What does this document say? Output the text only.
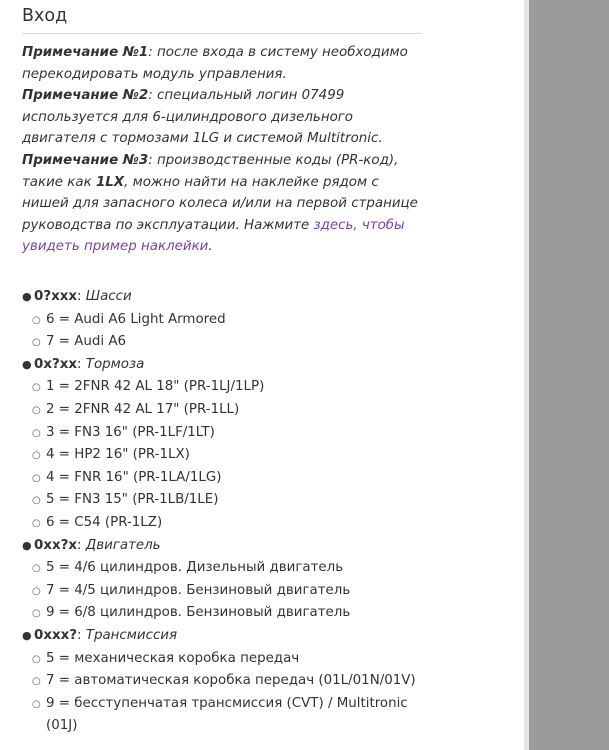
Вход

Примечание №1: после входа в систему необходимо перекодировать модуль управления.

Примечание №2: специальный логин 07499 используется для 6-цилиндрового дизельного двигателя с тормозами 1LG и системой Multitronic.

Примечание №3: производственные коды (PR-код), такие как 1LX, можно найти на наклейке рядом с нишей для запасного колеса и/или на первой странице руководства по эксплуатации. Нажмите здесь, чтобы увидеть пример наклейки.

● 0?xxx: Шасси
○ 6 = Audi A6 Light Armored
○ 7 = Audi A6
● 0x?xx: Тормоза
○ 1 = 2FNR 42 AL 18" (PR-1LJ/1LP)
○ 2 = 2FNR 42 AL 17" (PR-1LL)
○ 3 = FN3 16" (PR-1LF/1LT)
○ 4 = HP2 16" (PR-1LX)
○ 4 = FNR 16" (PR-1LA/1LG)
○ 5 = FN3 15" (PR-1LB/1LE)
○ 6 = C54 (PR-1LZ)
● 0xx?x: Двигатель
○ 5 = 4/6 цилиндров. Дизельный двигатель
○ 7 = 4/5 цилиндров. Бензиновый двигатель
○ 9 = 6/8 цилиндров. Бензиновый двигатель
● 0xxx?: Трансмиссия
○ 5 = механическая коробка передач
○ 7 = автоматическая коробка передач (01L/01N/01V)
○ 9 = бесступенчатая трансмиссия (CVT) / Multitronic (01J)
